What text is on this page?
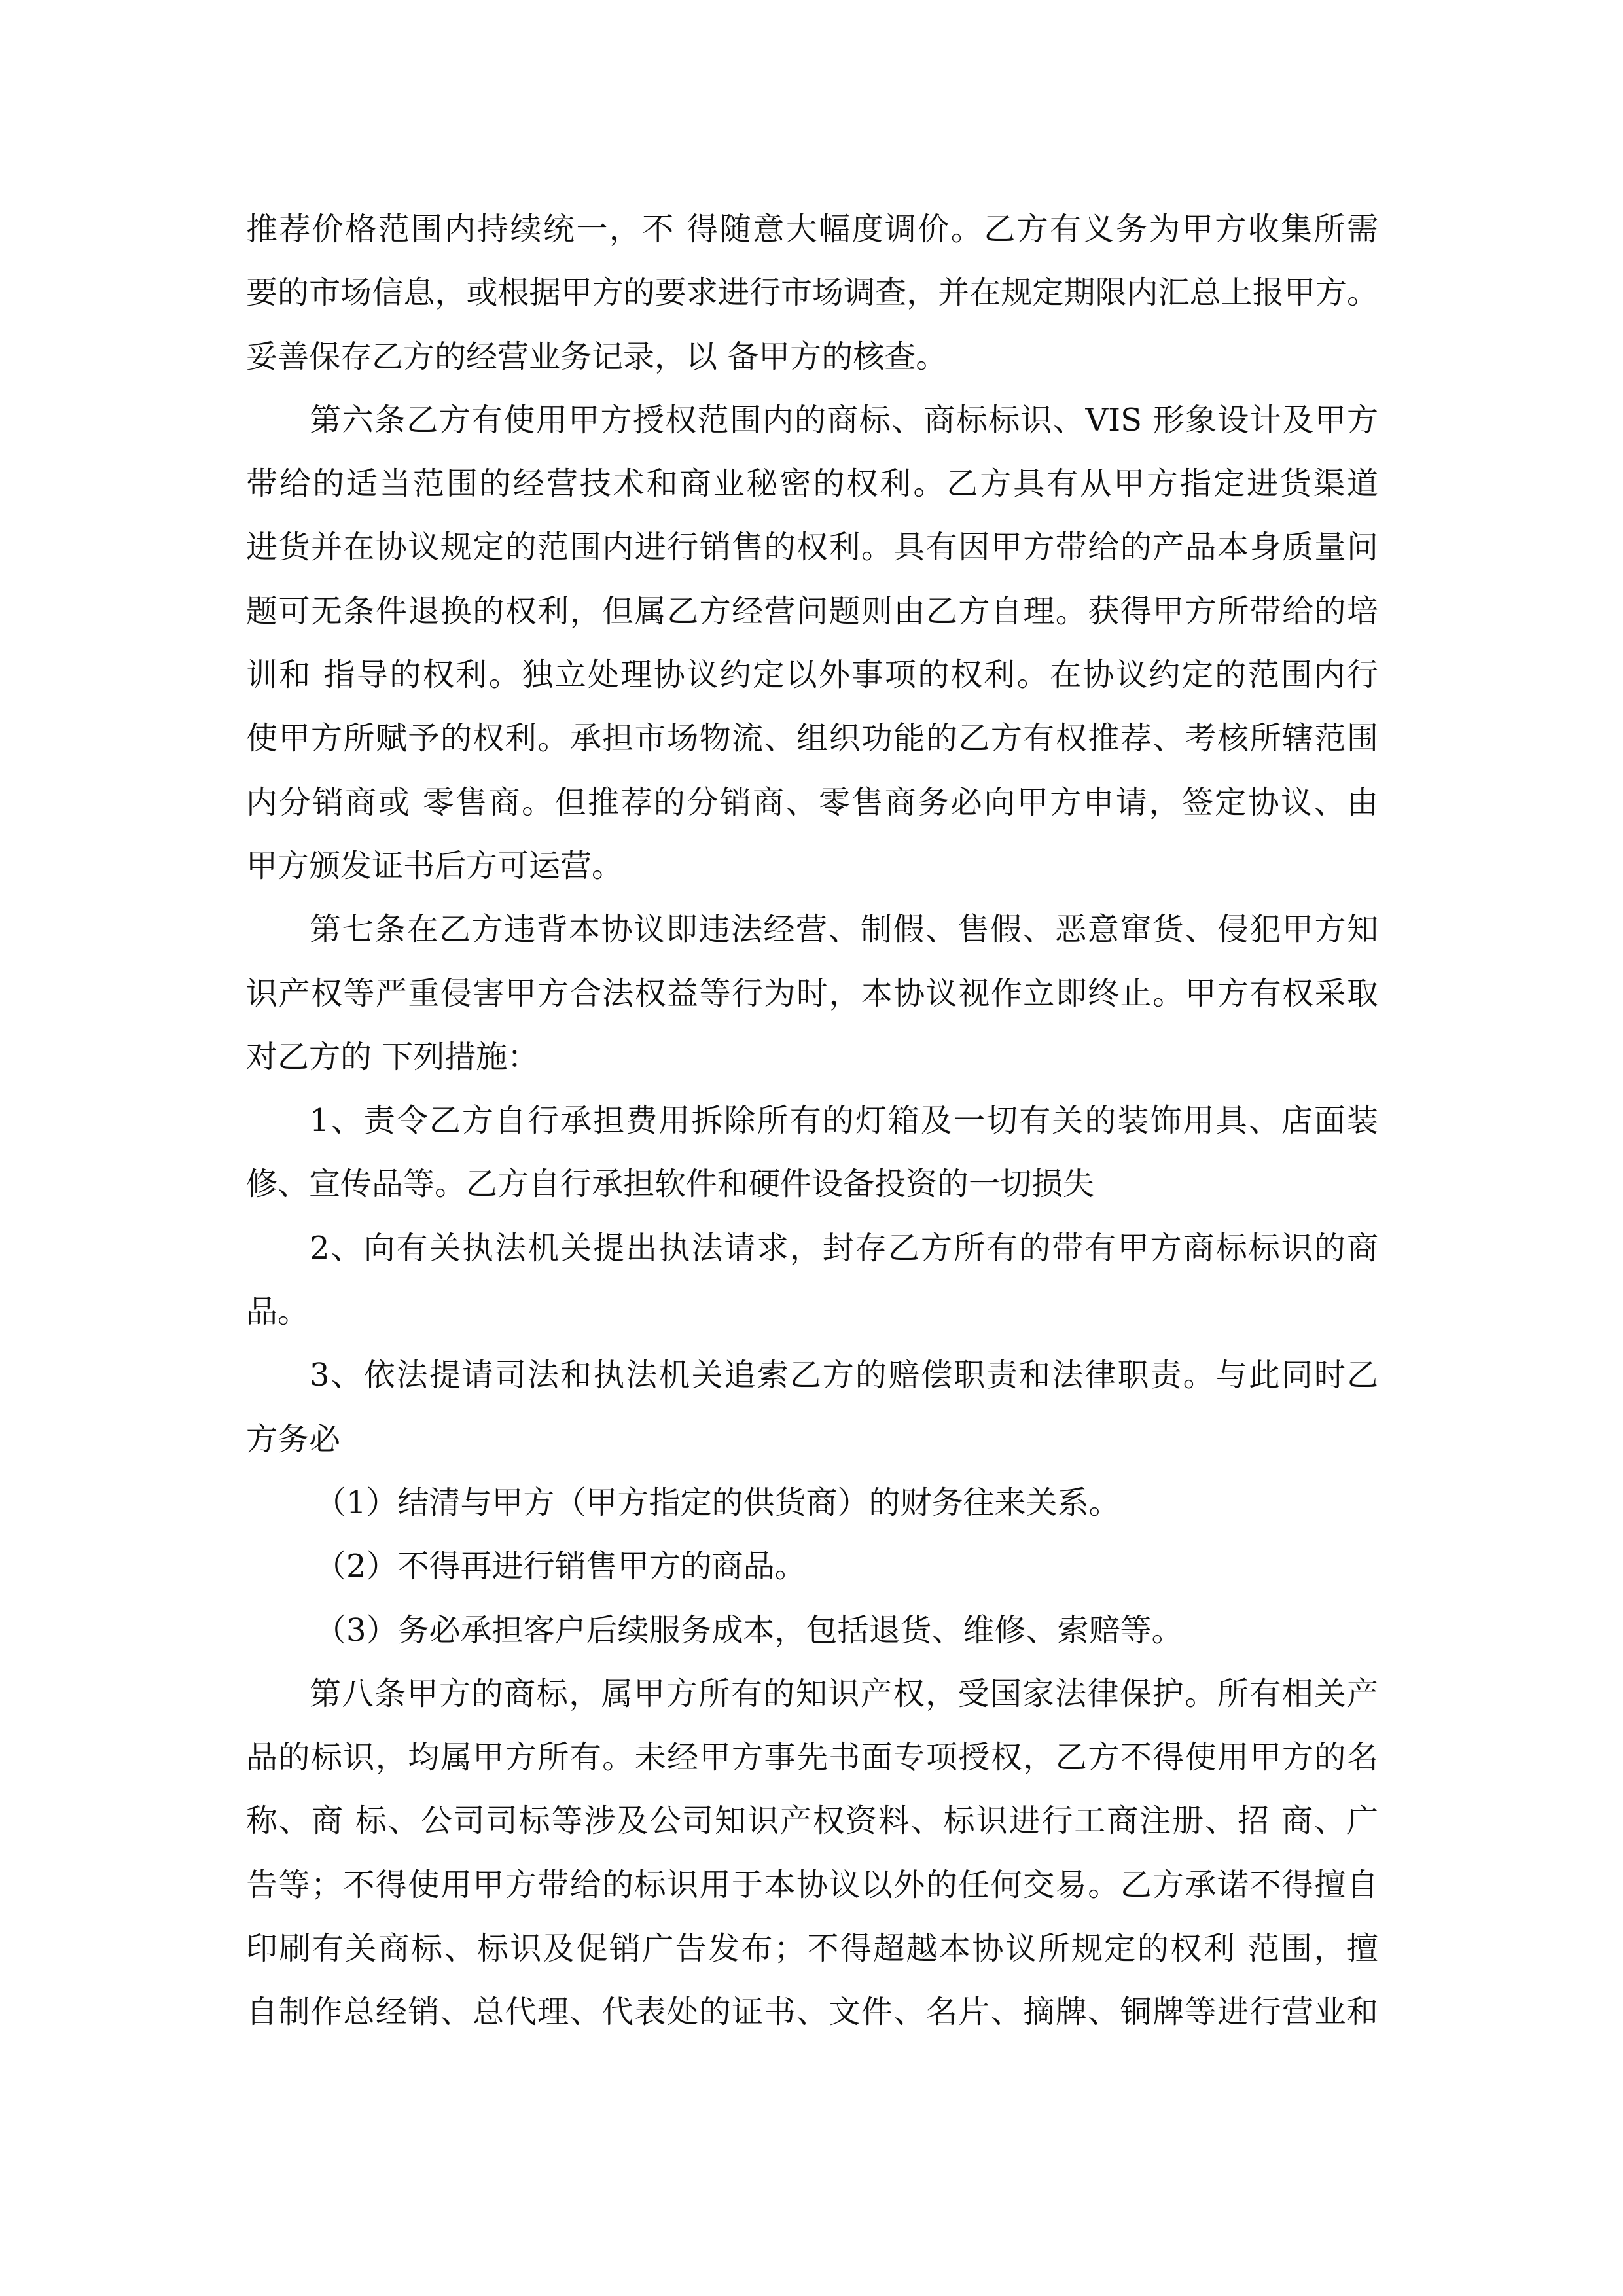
推荐价格范围内持续统一，不 得随意大幅度调价。乙方有义务为甲方收集所需
要的市场信息，或根据甲方的要求进行市场调查，并在规定期限内汇总上报甲方。
妥善保存乙方的经营业务记录，以 备甲方的核查。
第六条乙方有使用甲方授权范围内的商标、商标标识、VIS 形象设计及甲方
带给的适当范围的经营技术和商业秘密的权利。乙方具有从甲方指定进货渠道
进货并在协议规定的范围内进行销售的权利。具有因甲方带给的产品本身质量问
题可无条件退换的权利，但属乙方经营问题则由乙方自理。获得甲方所带给的培
训和 指导的权利。独立处理协议约定以外事项的权利。在协议约定的范围内行
使甲方所赋予的权利。承担市场物流、组织功能的乙方有权推荐、考核所辖范围
内分销商或 零售商。但推荐的分销商、零售商务必向甲方申请，签定协议、由
甲方颁发证书后方可运营。
第七条在乙方违背本协议即违法经营、制假、售假、恶意窜货、侵犯甲方知
识产权等严重侵害甲方合法权益等行为时，本协议视作立即终止。甲方有权采取
对乙方的 下列措施：
1、责令乙方自行承担费用拆除所有的灯箱及一切有关的装饰用具、店面装
修、宣传品等。乙方自行承担软件和硬件设备投资的一切损失
2、向有关执法机关提出执法请求，封存乙方所有的带有甲方商标标识的商
品。
3、依法提请司法和执法机关追索乙方的赔偿职责和法律职责。与此同时乙
方务必
（1）结清与甲方（甲方指定的供货商）的财务往来关系。
（2）不得再进行销售甲方的商品。
（3）务必承担客户后续服务成本，包括退货、维修、索赔等。
第八条甲方的商标，属甲方所有的知识产权，受国家法律保护。所有相关产
品的标识，均属甲方所有。未经甲方事先书面专项授权，乙方不得使用甲方的名
称、商 标、公司司标等涉及公司知识产权资料、标识进行工商注册、招 商、广
告等；不得使用甲方带给的标识用于本协议以外的任何交易。乙方承诺不得擅自
印刷有关商标、标识及促销广告发布；不得超越本协议所规定的权利 范围，擅
自制作总经销、总代理、代表处的证书、文件、名片、摘牌、铜牌等进行营业和
